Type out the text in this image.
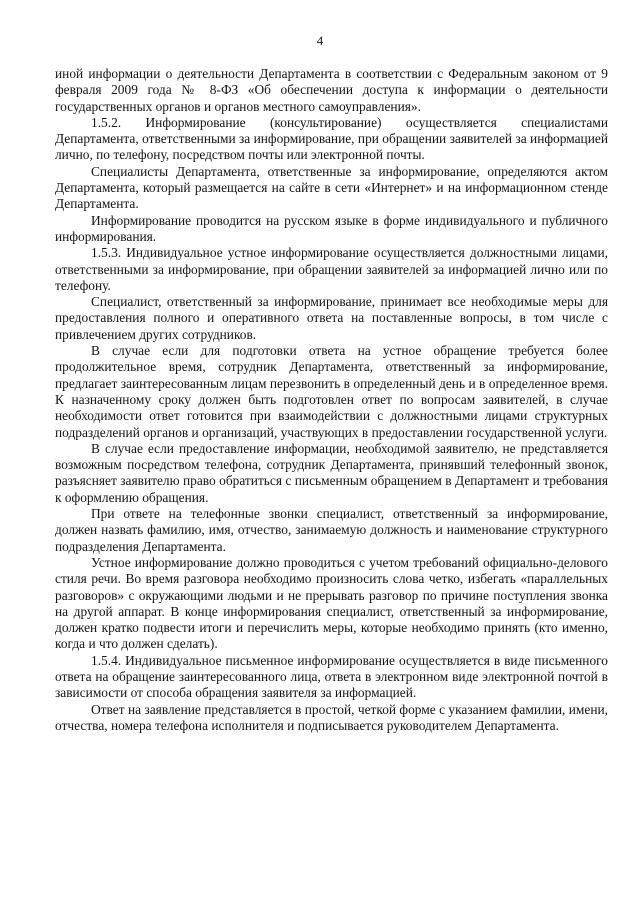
4

иной информации о деятельности Департамента в соответствии с Федеральным законом от 9 февраля 2009 года № 8-ФЗ «Об обеспечении доступа к информации о деятельности государственных органов и органов местного самоуправления».

1.5.2. Информирование (консультирование) осуществляется специалистами Департамента, ответственными за информирование, при обращении заявителей за информацией лично, по телефону, посредством почты или электронной почты.

Специалисты Департамента, ответственные за информирование, определяются актом Департамента, который размещается на сайте в сети «Интернет» и на информационном стенде Департамента.

Информирование проводится на русском языке в форме индивидуального и публичного информирования.

1.5.3. Индивидуальное устное информирование осуществляется должностными лицами, ответственными за информирование, при обращении заявителей за информацией лично или по телефону.

Специалист, ответственный за информирование, принимает все необходимые меры для предоставления полного и оперативного ответа на поставленные вопросы, в том числе с привлечением других сотрудников.

В случае если для подготовки ответа на устное обращение требуется более продолжительное время, сотрудник Департамента, ответственный за информирование, предлагает заинтересованным лицам перезвонить в определенный день и в определенное время. К назначенному сроку должен быть подготовлен ответ по вопросам заявителей, в случае необходимости ответ готовится при взаимодействии с должностными лицами структурных подразделений органов и организаций, участвующих в предоставлении государственной услуги.

В случае если предоставление информации, необходимой заявителю, не представляется возможным посредством телефона, сотрудник Департамента, принявший телефонный звонок, разъясняет заявителю право обратиться с письменным обращением в Департамент и требования к оформлению обращения.

При ответе на телефонные звонки специалист, ответственный за информирование, должен назвать фамилию, имя, отчество, занимаемую должность и наименование структурного подразделения Департамента.

Устное информирование должно проводиться с учетом требований официально-делового стиля речи. Во время разговора необходимо произносить слова четко, избегать «параллельных разговоров» с окружающими людьми и не прерывать разговор по причине поступления звонка на другой аппарат. В конце информирования специалист, ответственный за информирование, должен кратко подвести итоги и перечислить меры, которые необходимо принять (кто именно, когда и что должен сделать).

1.5.4. Индивидуальное письменное информирование осуществляется в виде письменного ответа на обращение заинтересованного лица, ответа в электронном виде электронной почтой в зависимости от способа обращения заявителя за информацией.

Ответ на заявление представляется в простой, четкой форме с указанием фамилии, имени, отчества, номера телефона исполнителя и подписывается руководителем Департамента.
